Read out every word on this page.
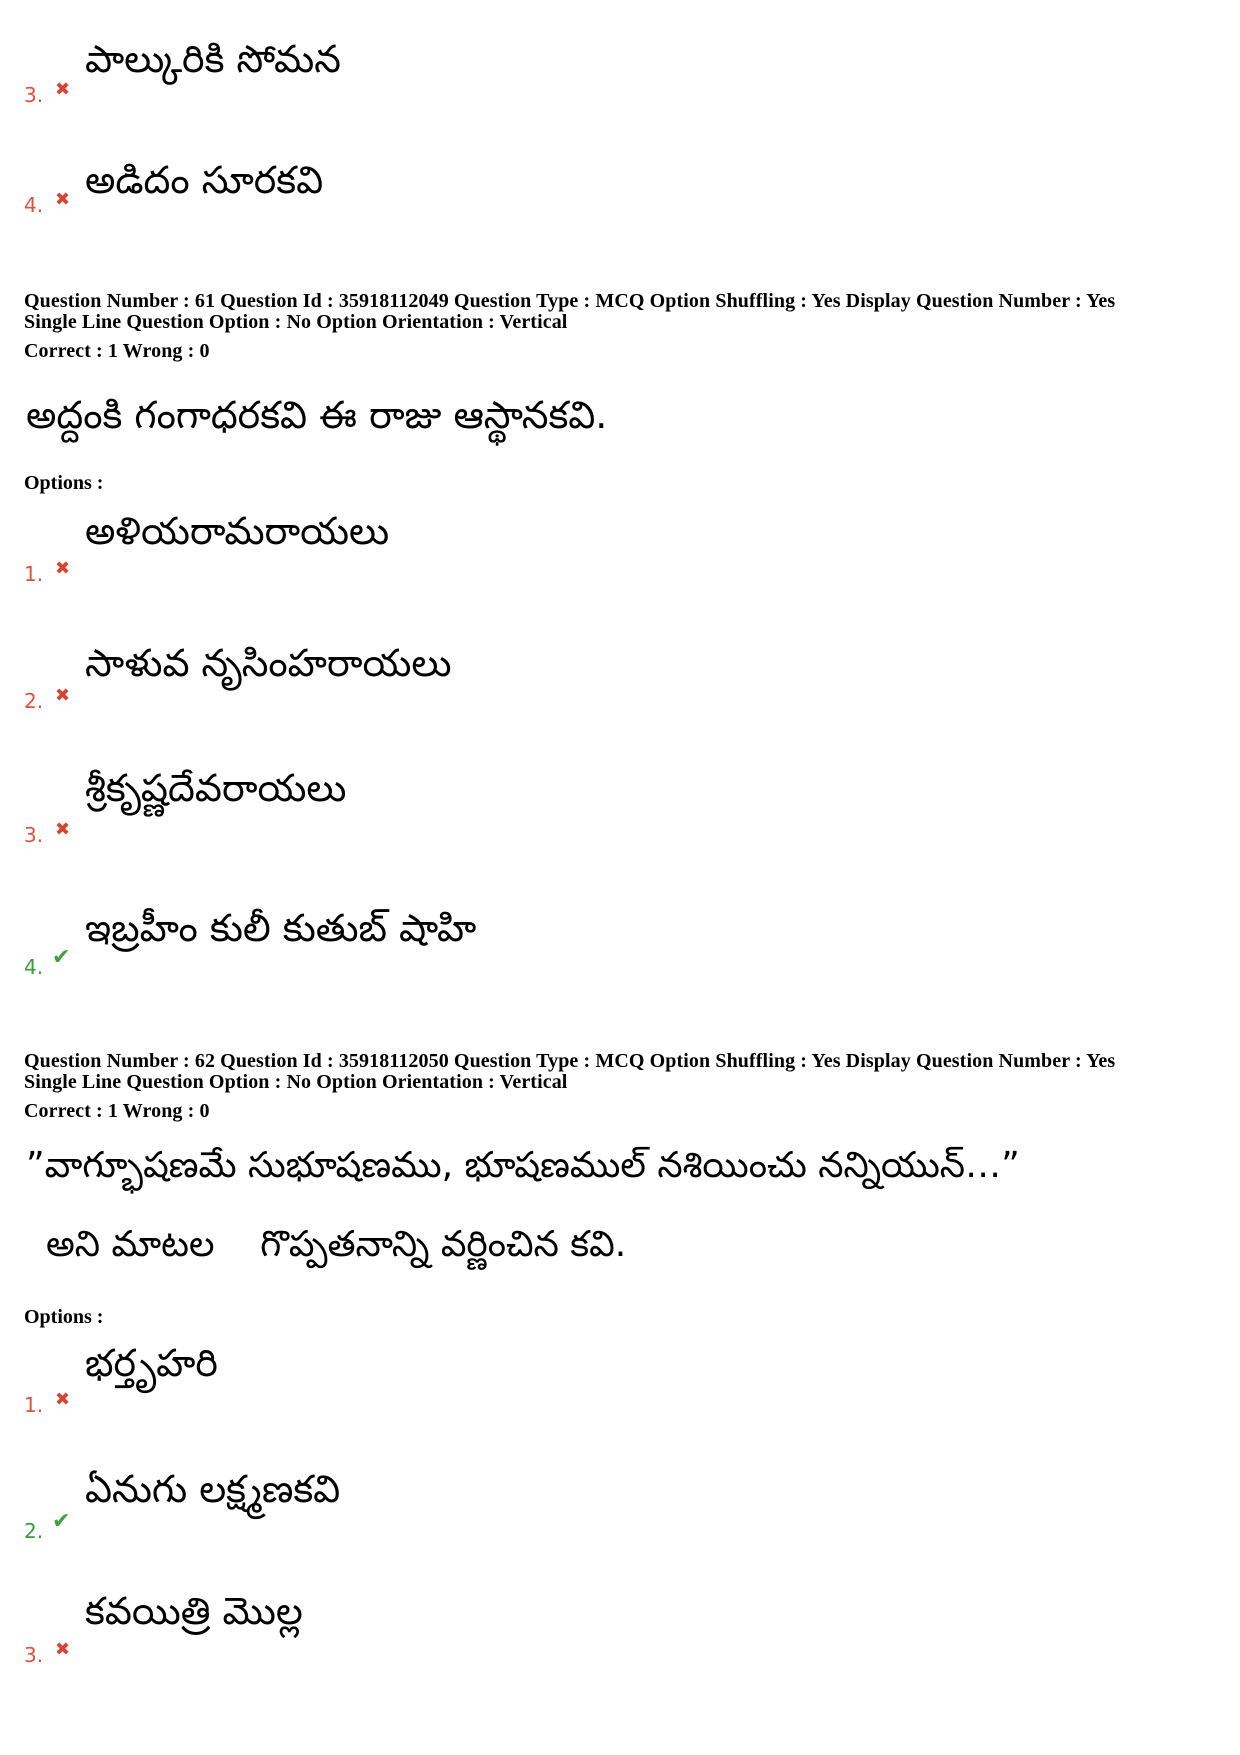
3. ✖
పాల్కురికి సోమన
4. ✖ అడిదం సూరకవి
Question Number : 61 Question Id : 35918112049 Question Type : MCQ Option Shuffling : Yes Display Question Number : Yes
Single Line Question Option : No Option Orientation : Vertical
Correct : 1 Wrong : 0
అద్దంకి గంగాధరకవి ఈ రాజు ఆస్థానకవి.
Options :
1. ✖
అళియరామరాయలు
2. ✖
సాళువ నృసింహరాయలు
3. ✖
శ్రీకృష్ణదేవరాయలు
4. ✔
ఇబ్రహీం కులీ కుతుబ్ షాహి
Question Number : 62 Question Id : 35918112050 Question Type : MCQ Option Shuffling : Yes Display Question Number : Yes
Single Line Question Option : No Option Orientation : Vertical
Correct : 1 Wrong : 0
”వాగ్భూషణమే సుభూషణము, భూషణముల్ నశియించు నన్నియున్…”
అని మాటల    గొప్పతనాన్ని వర్ణించిన కవి.
Options :
1. ✖
భర్తృహరి
2. ✔
ఏనుగు లక్ష్మణకవి
3. ✖
కవయిత్రి మొల్ల
